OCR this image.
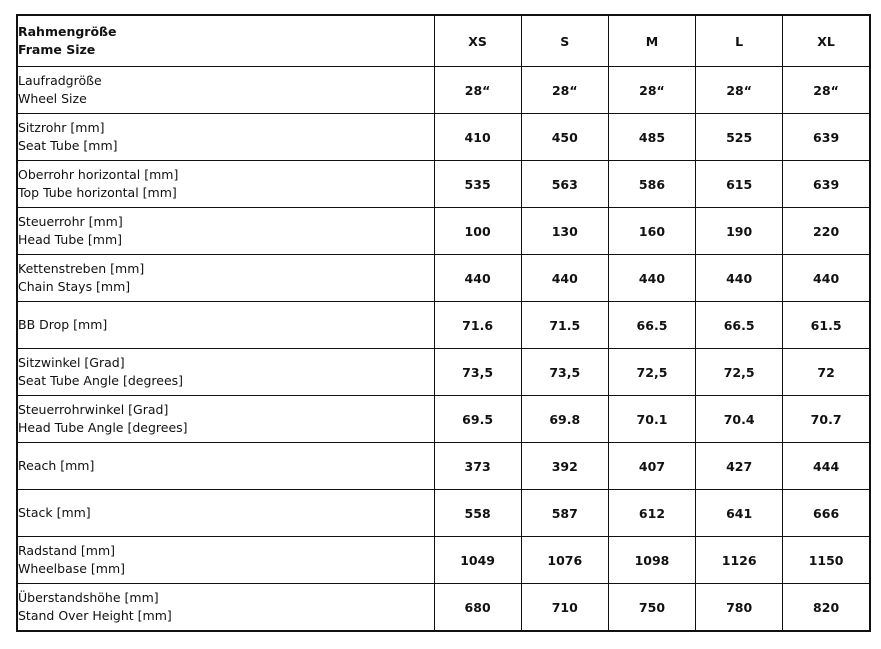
Rahmengröße
Frame Size	XS	S	M	L	XL

Laufradgröße
Wheel Size	28“	28“	28“	28“	28“

Sitzrohr [mm]
Seat Tube [mm]	410	450	485	525	639

Oberrohr horizontal [mm]
Top Tube horizontal [mm]	535	563	586	615	639

Steuerrohr [mm]
Head Tube [mm]	100	130	160	190	220

Kettenstreben [mm]
Chain Stays [mm]	440	440	440	440	440

BB Drop [mm]	71.6	71.5	66.5	66.5	61.5

Sitzwinkel [Grad]
Seat Tube Angle [degrees]	73,5	73,5	72,5	72,5	72

Steuerrohrwinkel [Grad]
Head Tube Angle [degrees]	69.5	69.8	70.1	70.4	70.7

Reach [mm]	373	392	407	427	444

Stack [mm]	558	587	612	641	666

Radstand [mm]
Wheelbase [mm]	1049	1076	1098	1126	1150

Überstandshöhe [mm]
Stand Over Height [mm]	680	710	750	780	820
